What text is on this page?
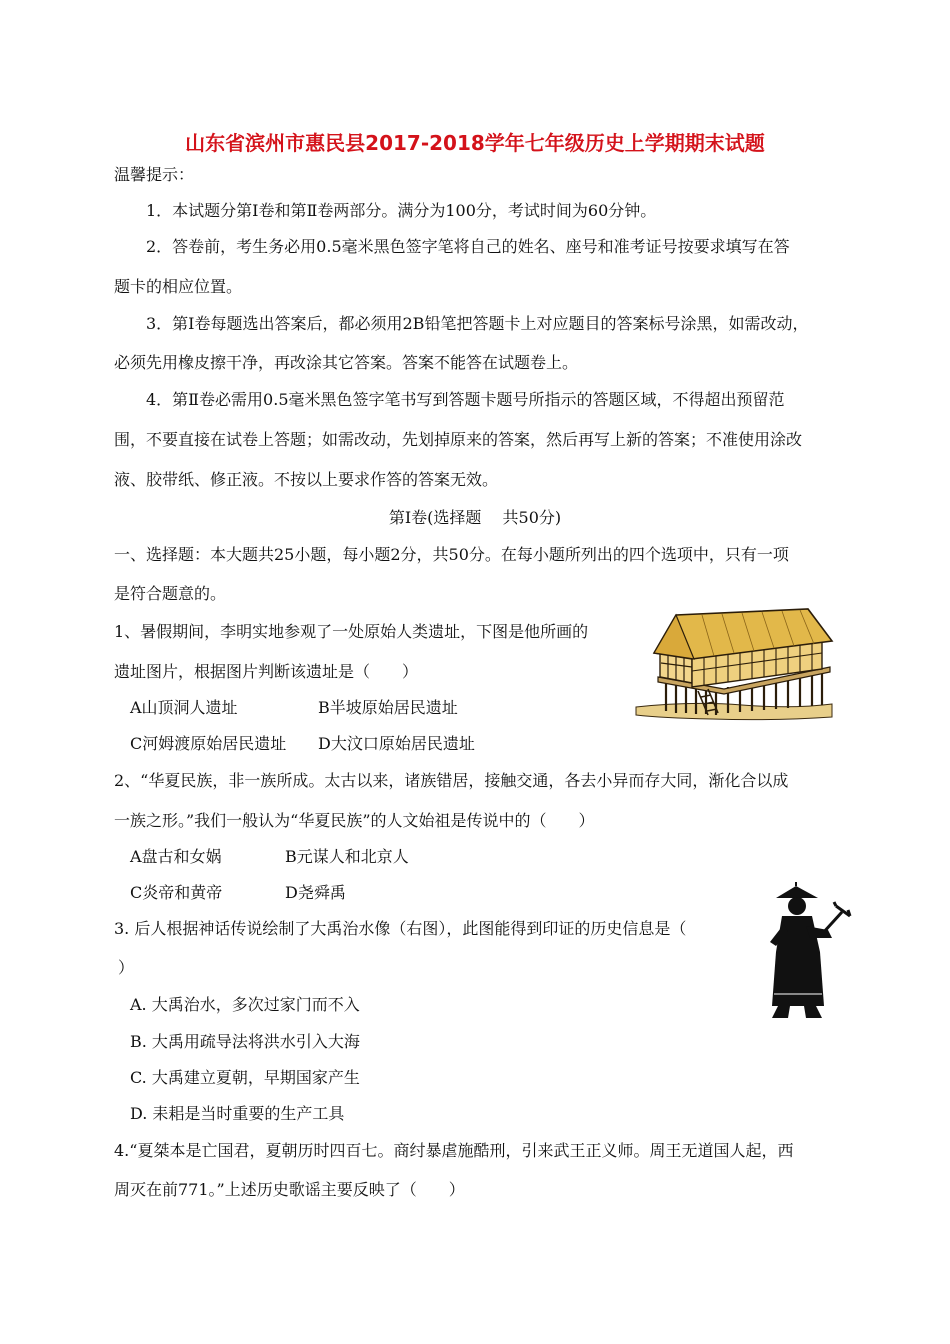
山东省滨州市惠民县2017-2018学年七年级历史上学期期末试题
温馨提示：
1．本试题分第Ⅰ卷和第Ⅱ卷两部分。满分为100分，考试时间为60分钟。
2．答卷前，考生务必用0.5毫米黑色签字笔将自己的姓名、座号和准考证号按要求填写在答
题卡的相应位置。
3．第Ⅰ卷每题选出答案后，都必须用2B铅笔把答题卡上对应题目的答案标号涂黑，如需改动，
必须先用橡皮擦干净，再改涂其它答案。答案不能答在试题卷上。
4．第Ⅱ卷必需用0.5毫米黑色签字笔书写到答题卡题号所指示的答题区域，不得超出预留范
围，不要直接在试卷上答题；如需改动，先划掉原来的答案，然后再写上新的答案；不准使用涂改
液、胶带纸、修正液。不按以上要求作答的答案无效。
第Ⅰ卷(选择题　 共50分)
一、选择题：本大题共25小题，每小题2分，共50分。在每小题所列出的四个选项中，只有一项
是符合题意的。
1、暑假期间，李明实地参观了一处原始人类遗址，下图是他所画的
遗址图片，根据图片判断该遗址是（　　）
A山顶洞人遗址	B半坡原始居民遗址
C河姆渡原始居民遗址 D大汶口原始居民遗址
2、“华夏民族，非一族所成。太古以来，诸族错居，接触交通，各去小异而存大同，渐化合以成
一族之形。”我们一般认为“华夏民族”的人文始祖是传说中的（　　）
A盘古和女娲	B元谋人和北京人
C炎帝和黄帝	D尧舜禹
3. 后人根据神话传说绘制了大禹治水像（右图），此图能得到印证的历史信息是（
）
A. 大禹治水，多次过家门而不入
B. 大禹用疏导法将洪水引入大海
C. 大禹建立夏朝，早期国家产生
D. 耒耜是当时重要的生产工具
4.“夏桀本是亡国君，夏朝历时四百七。商纣暴虐施酷刑，引来武王正义师。周王无道国人起，西
周灭在前771。”上述历史歌谣主要反映了（　　）
